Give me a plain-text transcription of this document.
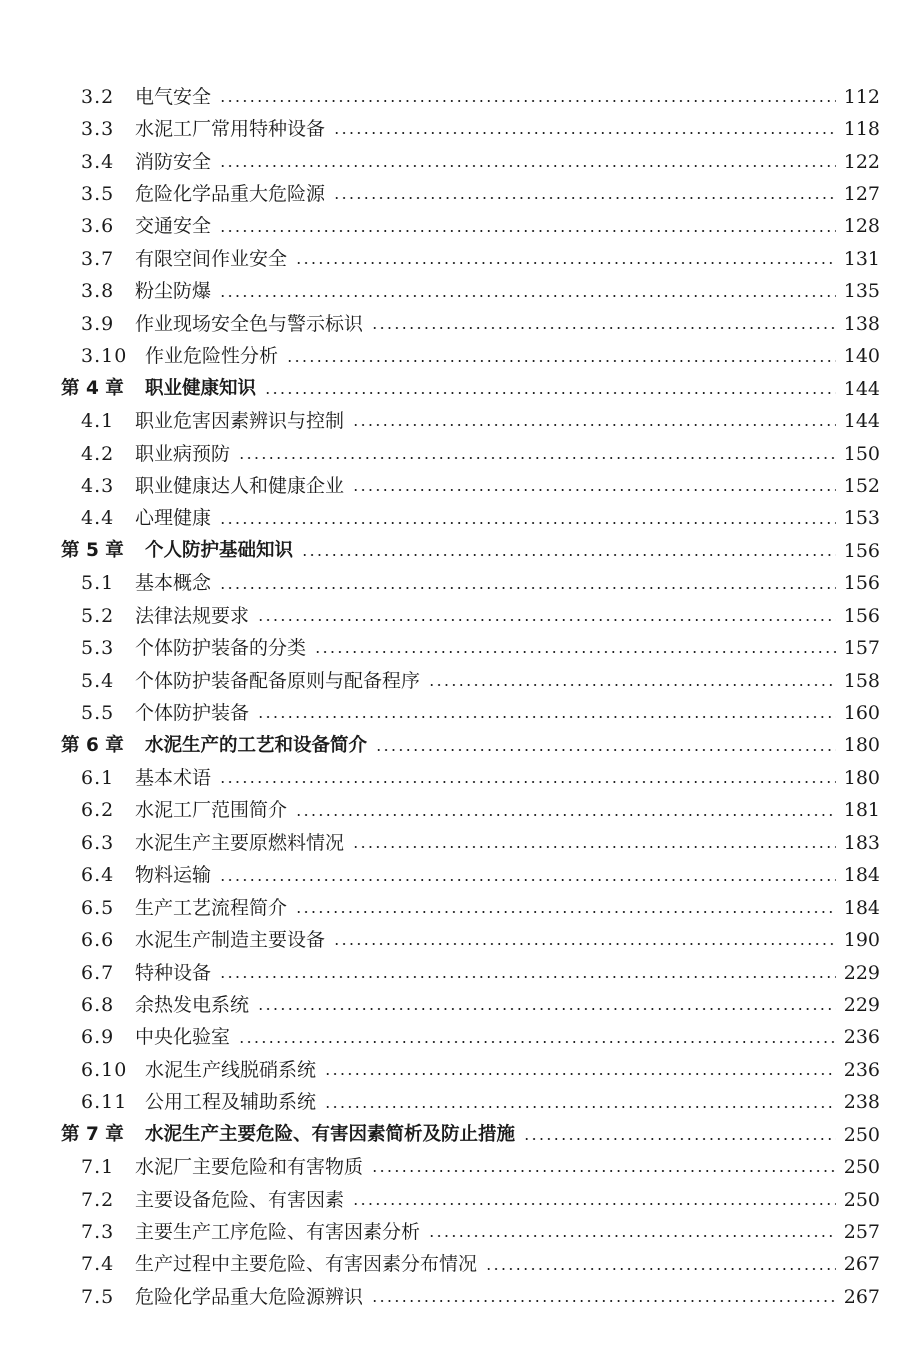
3.2 电气安全	112
3.3 水泥工厂常用特种设备	118
3.4 消防安全	122
3.5 危险化学品重大危险源	127
3.6 交通安全	128
3.7 有限空间作业安全	131
3.8 粉尘防爆	135
3.9 作业现场安全色与警示标识	138
3.10 作业危险性分析	140
第 4 章 职业健康知识	144
4.1 职业危害因素辨识与控制	144
4.2 职业病预防	150
4.3 职业健康达人和健康企业	152
4.4 心理健康	153
第 5 章 个人防护基础知识	156
5.1 基本概念	156
5.2 法律法规要求	156
5.3 个体防护装备的分类	157
5.4 个体防护装备配备原则与配备程序	158
5.5 个体防护装备	160
第 6 章 水泥生产的工艺和设备简介	180
6.1 基本术语	180
6.2 水泥工厂范围简介	181
6.3 水泥生产主要原燃料情况	183
6.4 物料运输	184
6.5 生产工艺流程简介	184
6.6 水泥生产制造主要设备	190
6.7 特种设备	229
6.8 余热发电系统	229
6.9 中央化验室	236
6.10 水泥生产线脱硝系统	236
6.11 公用工程及辅助系统	238
第 7 章 水泥生产主要危险、有害因素简析及防止措施	250
7.1 水泥厂主要危险和有害物质	250
7.2 主要设备危险、有害因素	250
7.3 主要生产工序危险、有害因素分析	257
7.4 生产过程中主要危险、有害因素分布情况	267
7.5 危险化学品重大危险源辨识	267
